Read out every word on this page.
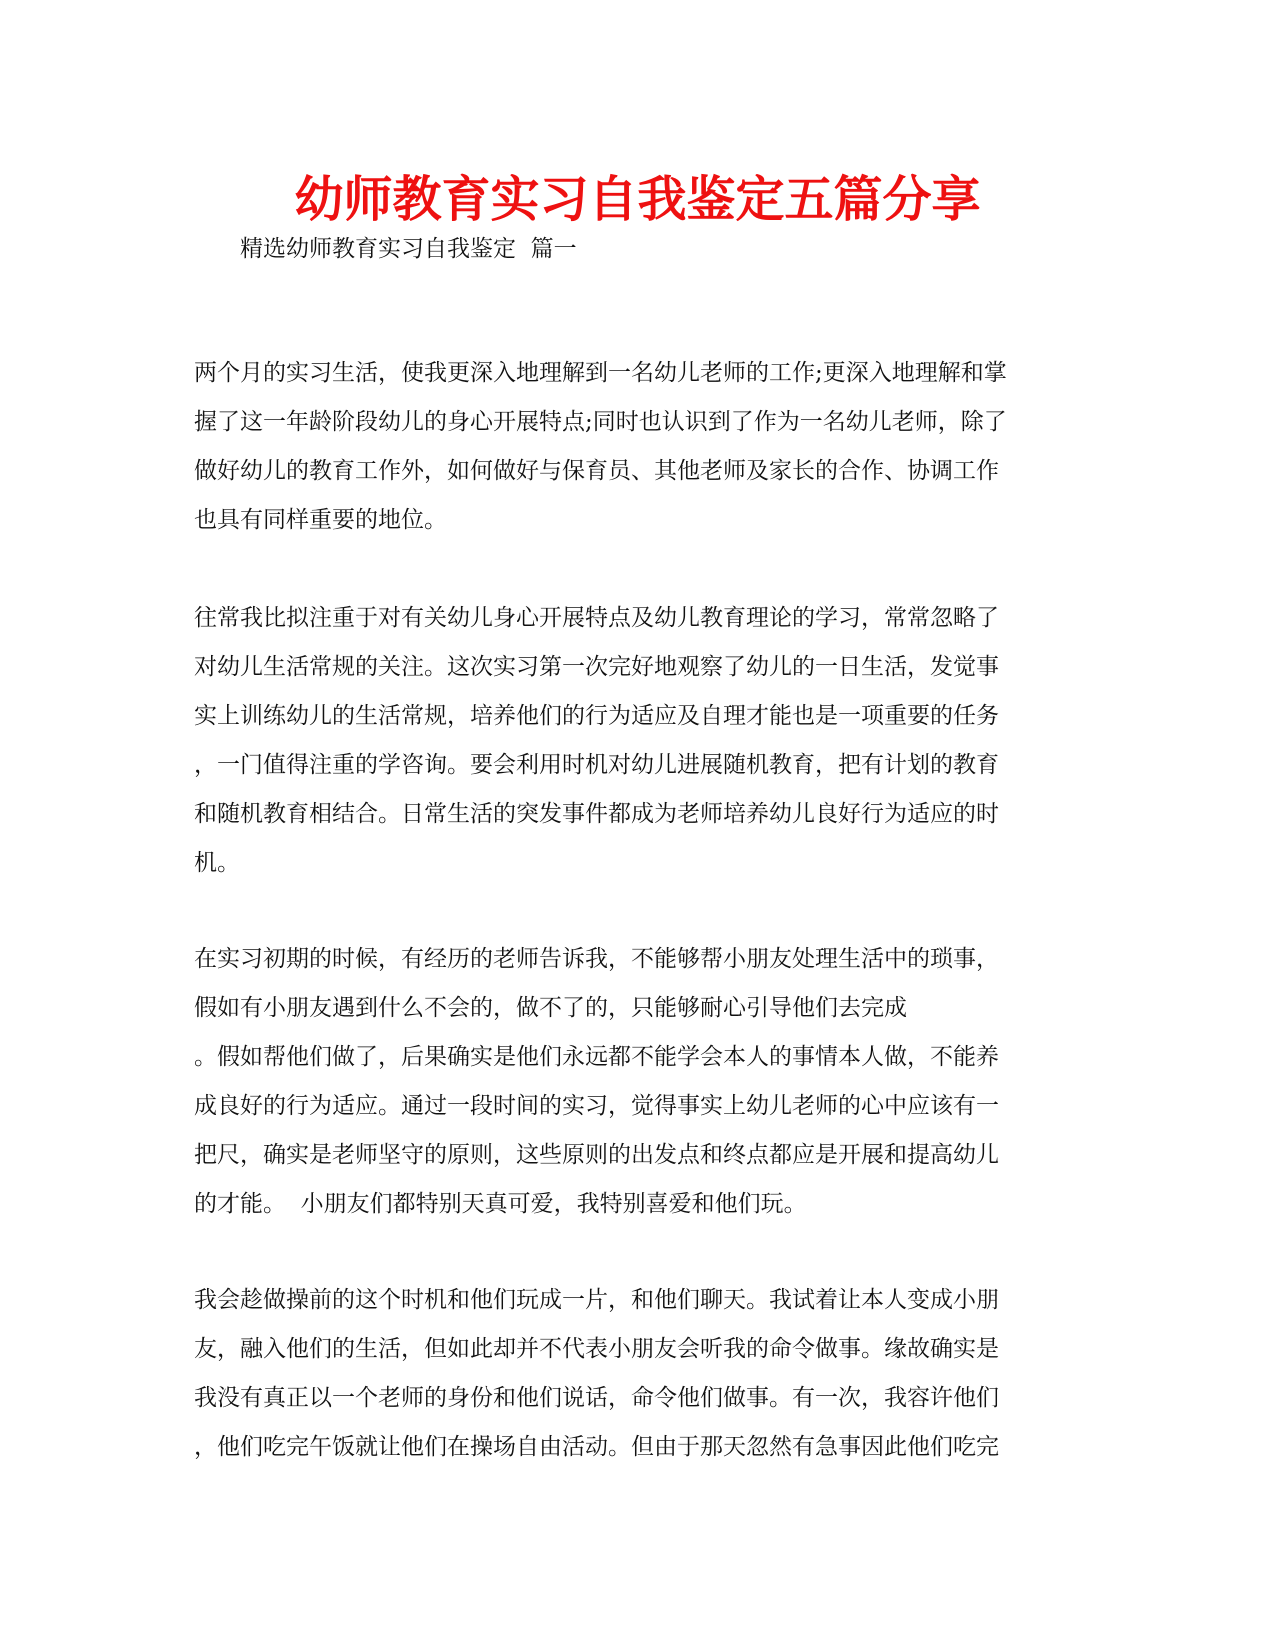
幼师教育实习自我鉴定五篇分享
精选幼师教育实习自我鉴定  篇一
两个月的实习生活，使我更深入地理解到一名幼儿老师的工作;更深入地理解和掌
握了这一年龄阶段幼儿的身心开展特点;同时也认识到了作为一名幼儿老师，除了
做好幼儿的教育工作外，如何做好与保育员、其他老师及家长的合作、协调工作
也具有同样重要的地位。
往常我比拟注重于对有关幼儿身心开展特点及幼儿教育理论的学习，常常忽略了
对幼儿生活常规的关注。这次实习第一次完好地观察了幼儿的一日生活，发觉事
实上训练幼儿的生活常规，培养他们的行为适应及自理才能也是一项重要的任务
，一门值得注重的学咨询。要会利用时机对幼儿进展随机教育，把有计划的教育
和随机教育相结合。日常生活的突发事件都成为老师培养幼儿良好行为适应的时
机。
在实习初期的时候，有经历的老师告诉我，不能够帮小朋友处理生活中的琐事，
假如有小朋友遇到什么不会的，做不了的，只能够耐心引导他们去完成
。假如帮他们做了，后果确实是他们永远都不能学会本人的事情本人做，不能养
成良好的行为适应。通过一段时间的实习，觉得事实上幼儿老师的心中应该有一
把尺，确实是老师坚守的原则，这些原则的出发点和终点都应是开展和提高幼儿
的才能。  小朋友们都特别天真可爱，我特别喜爱和他们玩。
我会趁做操前的这个时机和他们玩成一片，和他们聊天。我试着让本人变成小朋
友，融入他们的生活，但如此却并不代表小朋友会听我的命令做事。缘故确实是
我没有真正以一个老师的身份和他们说话，命令他们做事。有一次，我容许他们
，他们吃完午饭就让他们在操场自由活动。但由于那天忽然有急事因此他们吃完
